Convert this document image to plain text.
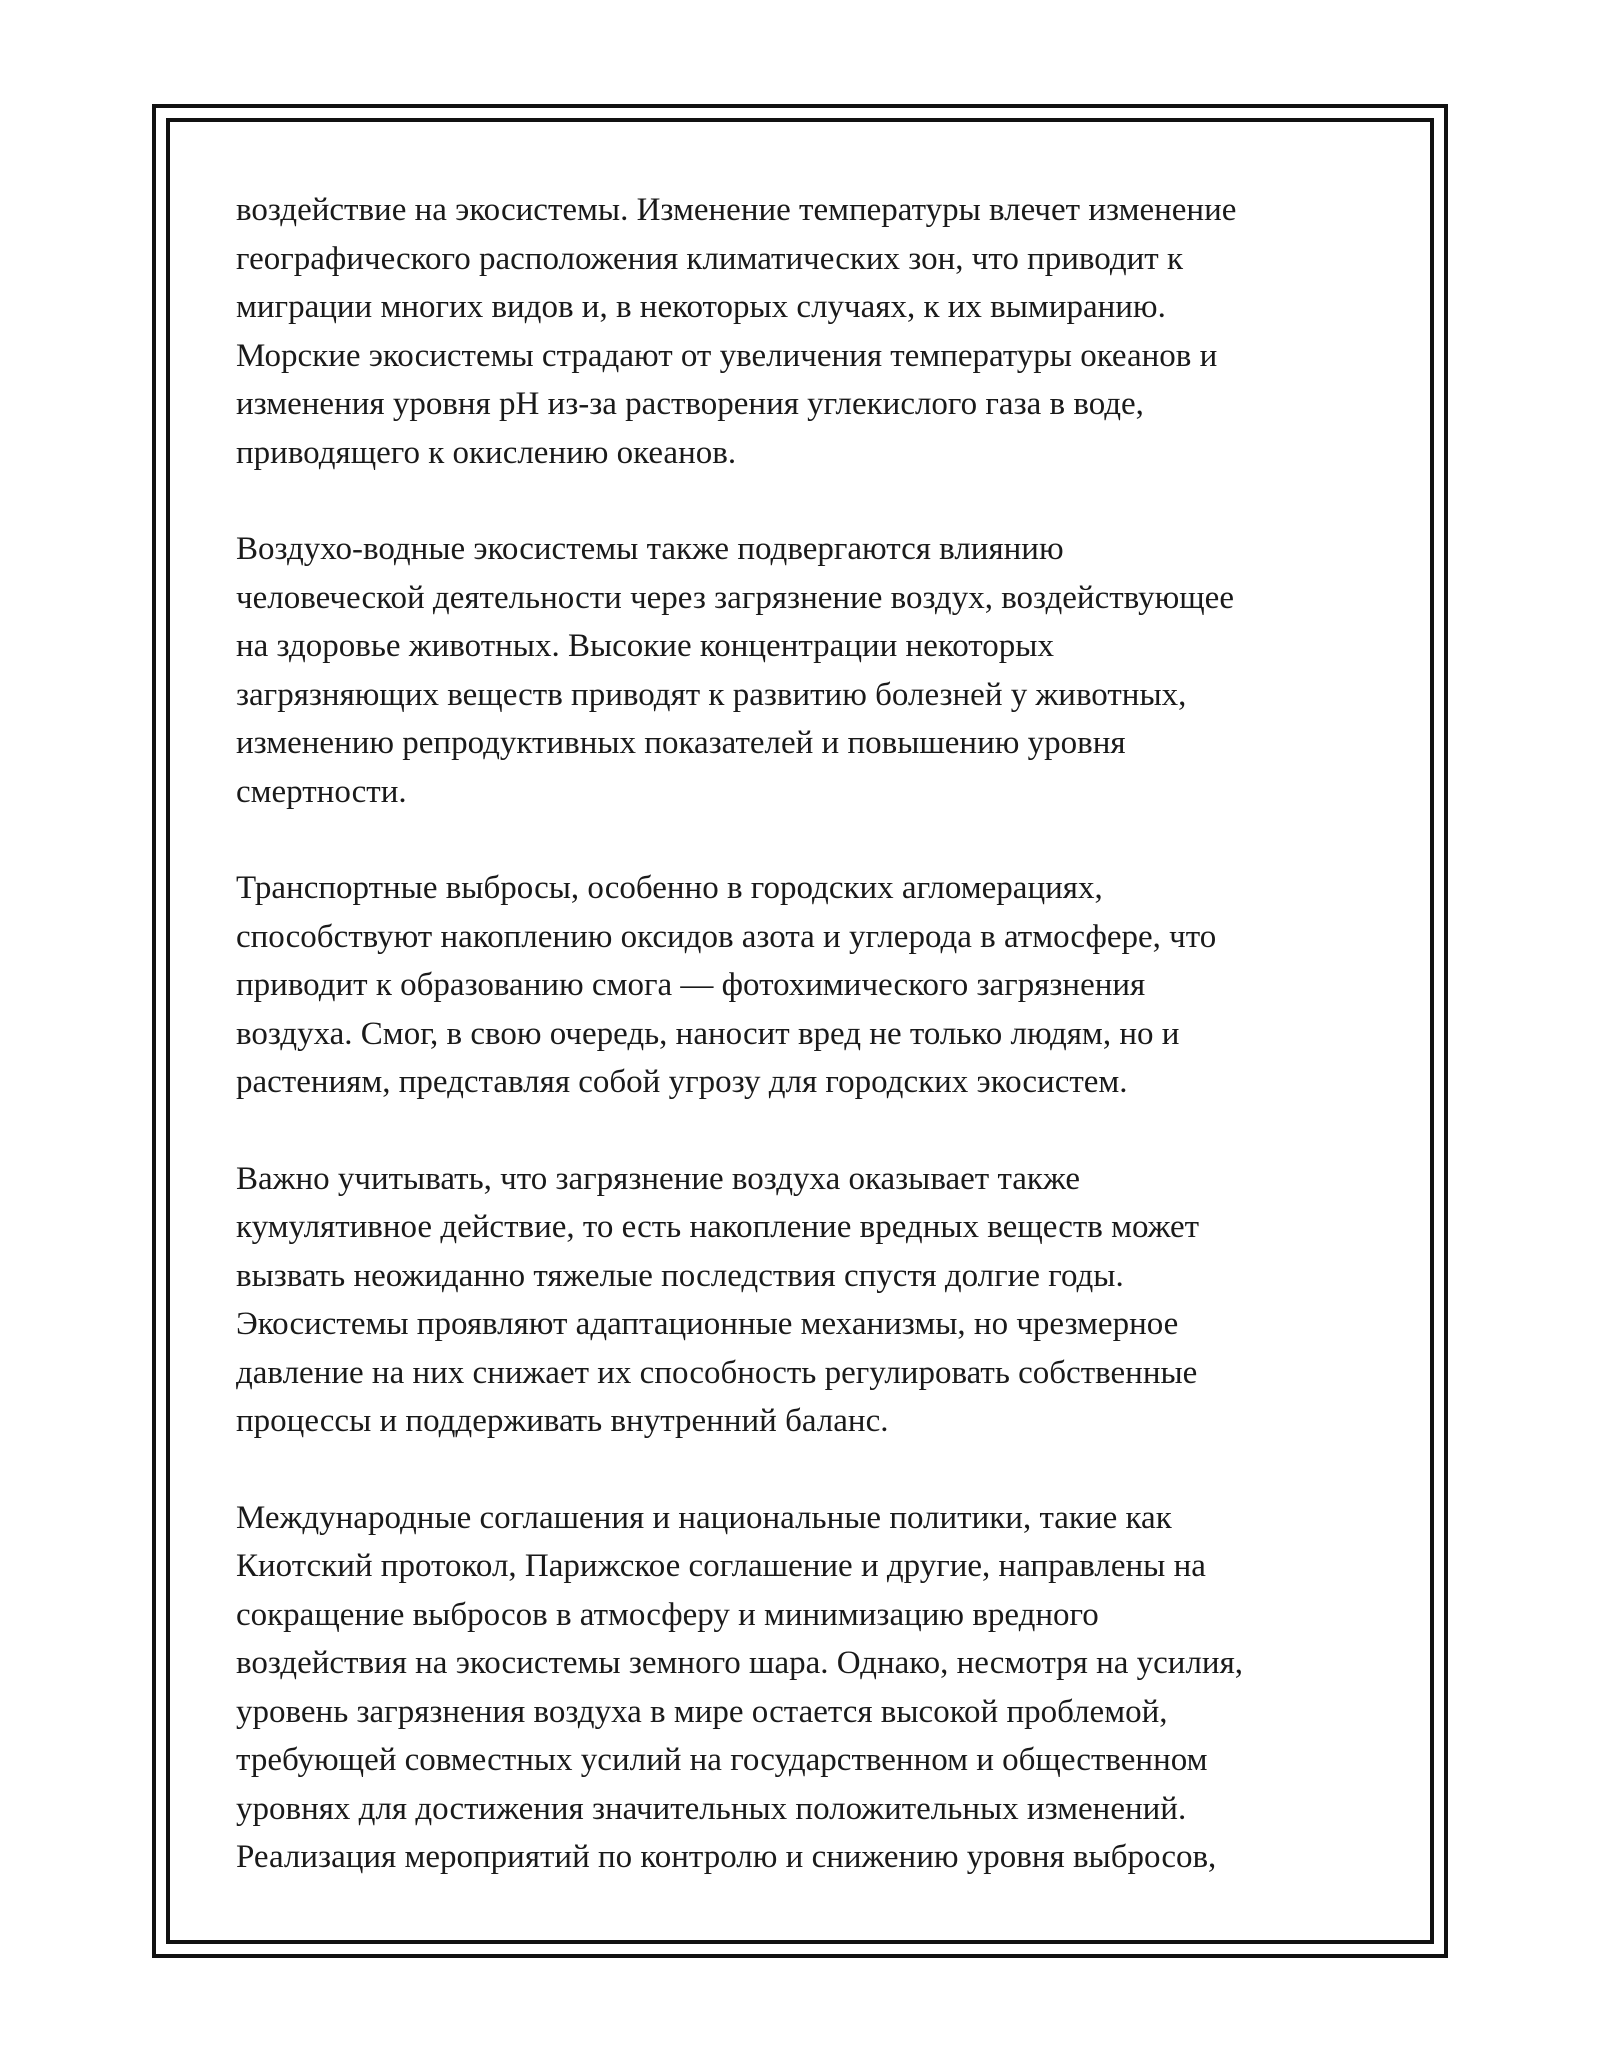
воздействие на экосистемы. Изменение температуры влечет изменение
географического расположения климатических зон, что приводит к
миграции многих видов и, в некоторых случаях, к их вымиранию.
Морские экосистемы страдают от увеличения температуры океанов и
изменения уровня pH из-за растворения углекислого газа в воде,
приводящего к окислению океанов.

Воздухо-водные экосистемы также подвергаются влиянию
человеческой деятельности через загрязнение воздух, воздействующее
на здоровье животных. Высокие концентрации некоторых
загрязняющих веществ приводят к развитию болезней у животных,
изменению репродуктивных показателей и повышению уровня
смертности.

Транспортные выбросы, особенно в городских агломерациях,
способствуют накоплению оксидов азота и углерода в атмосфере, что
приводит к образованию смога — фотохимического загрязнения
воздуха. Смог, в свою очередь, наносит вред не только людям, но и
растениям, представляя собой угрозу для городских экосистем.

Важно учитывать, что загрязнение воздуха оказывает также
кумулятивное действие, то есть накопление вредных веществ может
вызвать неожиданно тяжелые последствия спустя долгие годы.
Экосистемы проявляют адаптационные механизмы, но чрезмерное
давление на них снижает их способность регулировать собственные
процессы и поддерживать внутренний баланс.

Международные соглашения и национальные политики, такие как
Киотский протокол, Парижское соглашение и другие, направлены на
сокращение выбросов в атмосферу и минимизацию вредного
воздействия на экосистемы земного шара. Однако, несмотря на усилия,
уровень загрязнения воздуха в мире остается высокой проблемой,
требующей совместных усилий на государственном и общественном
уровнях для достижения значительных положительных изменений.
Реализация мероприятий по контролю и снижению уровня выбросов,
